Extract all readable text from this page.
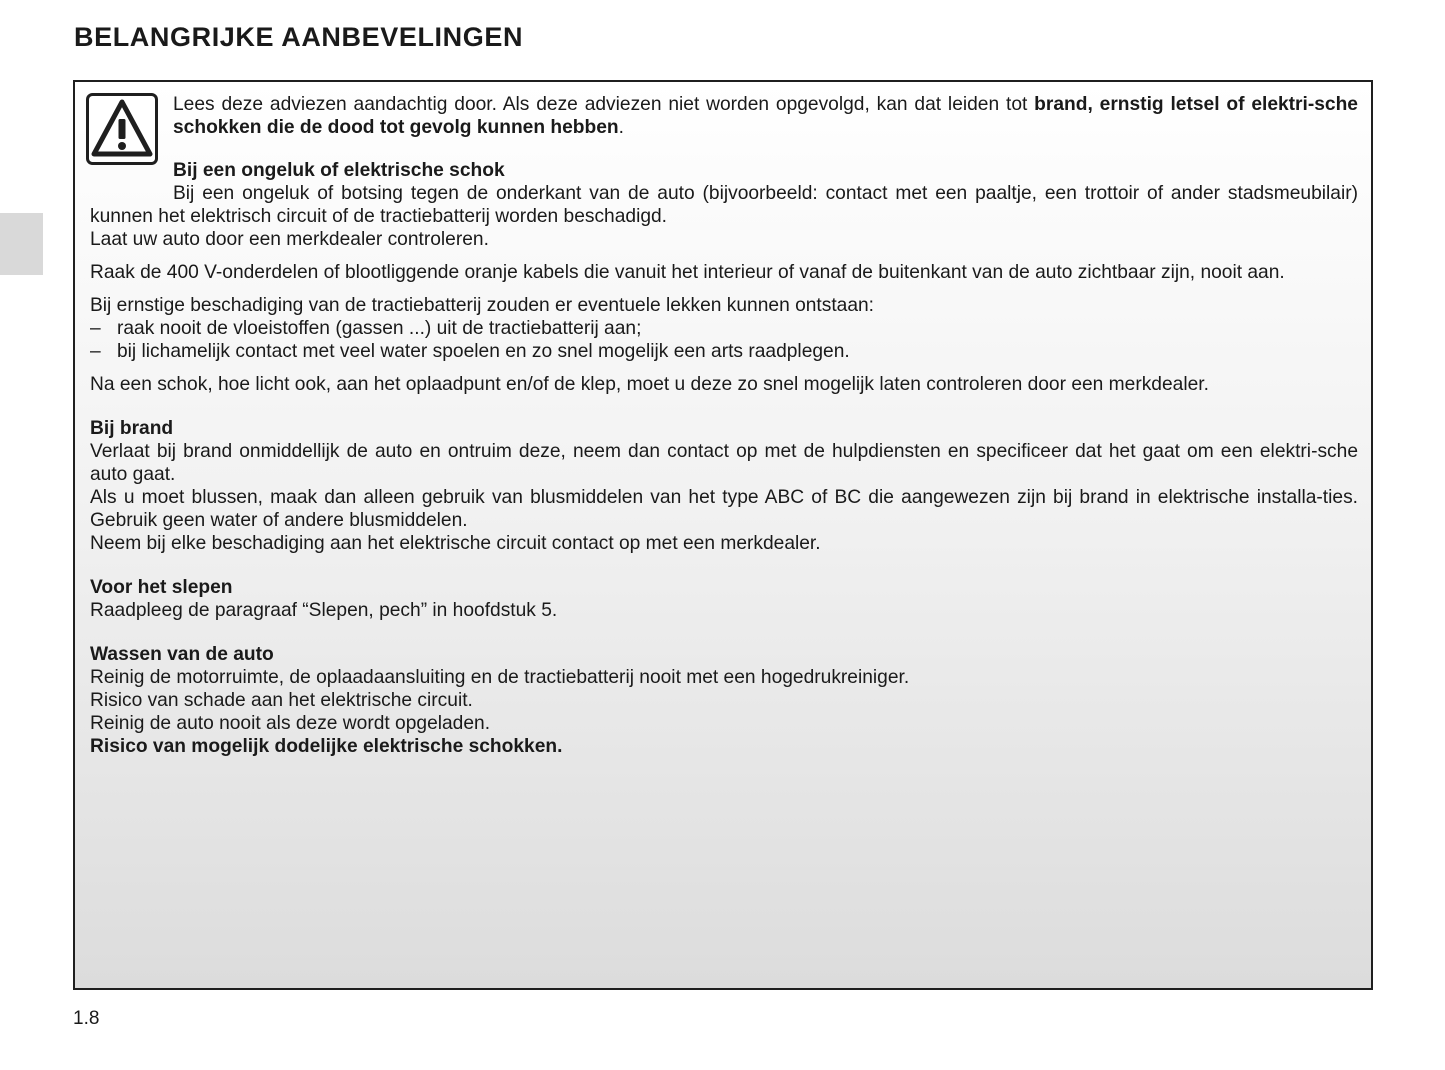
BELANGRIJKE AANBEVELINGEN

Lees deze adviezen aandachtig door. Als deze adviezen niet worden opgevolgd, kan dat leiden tot brand, ernstig letsel of elektri-sche schokken die de dood tot gevolg kunnen hebben.

Bij een ongeluk of elektrische schok

Bij een ongeluk of botsing tegen de onderkant van de auto (bijvoorbeeld: contact met een paaltje, een trottoir of ander stadsmeubilair) kunnen het elektrisch circuit of de tractiebatterij worden beschadigd.

Laat uw auto door een merkdealer controleren.

Raak de 400 V-onderdelen of blootliggende oranje kabels die vanuit het interieur of vanaf de buitenkant van de auto zichtbaar zijn, nooit aan.

Bij ernstige beschadiging van de tractiebatterij zouden er eventuele lekken kunnen ontstaan:

– raak nooit de vloeistoffen (gassen ...) uit de tractiebatterij aan;

– bij lichamelijk contact met veel water spoelen en zo snel mogelijk een arts raadplegen.

Na een schok, hoe licht ook, aan het oplaadpunt en/of de klep, moet u deze zo snel mogelijk laten controleren door een merkdealer.

Bij brand

Verlaat bij brand onmiddellijk de auto en ontruim deze, neem dan contact op met de hulpdiensten en specificeer dat het gaat om een elektri-sche auto gaat.

Als u moet blussen, maak dan alleen gebruik van blusmiddelen van het type ABC of BC die aangewezen zijn bij brand in elektrische installa-ties. Gebruik geen water of andere blusmiddelen.

Neem bij elke beschadiging aan het elektrische circuit contact op met een merkdealer.

Voor het slepen

Raadpleeg de paragraaf “Slepen, pech” in hoofdstuk 5.

Wassen van de auto

Reinig de motorruimte, de oplaadaansluiting en de tractiebatterij nooit met een hogedrukreiniger.

Risico van schade aan het elektrische circuit.

Reinig de auto nooit als deze wordt opgeladen.

Risico van mogelijk dodelijke elektrische schokken.

1.8
